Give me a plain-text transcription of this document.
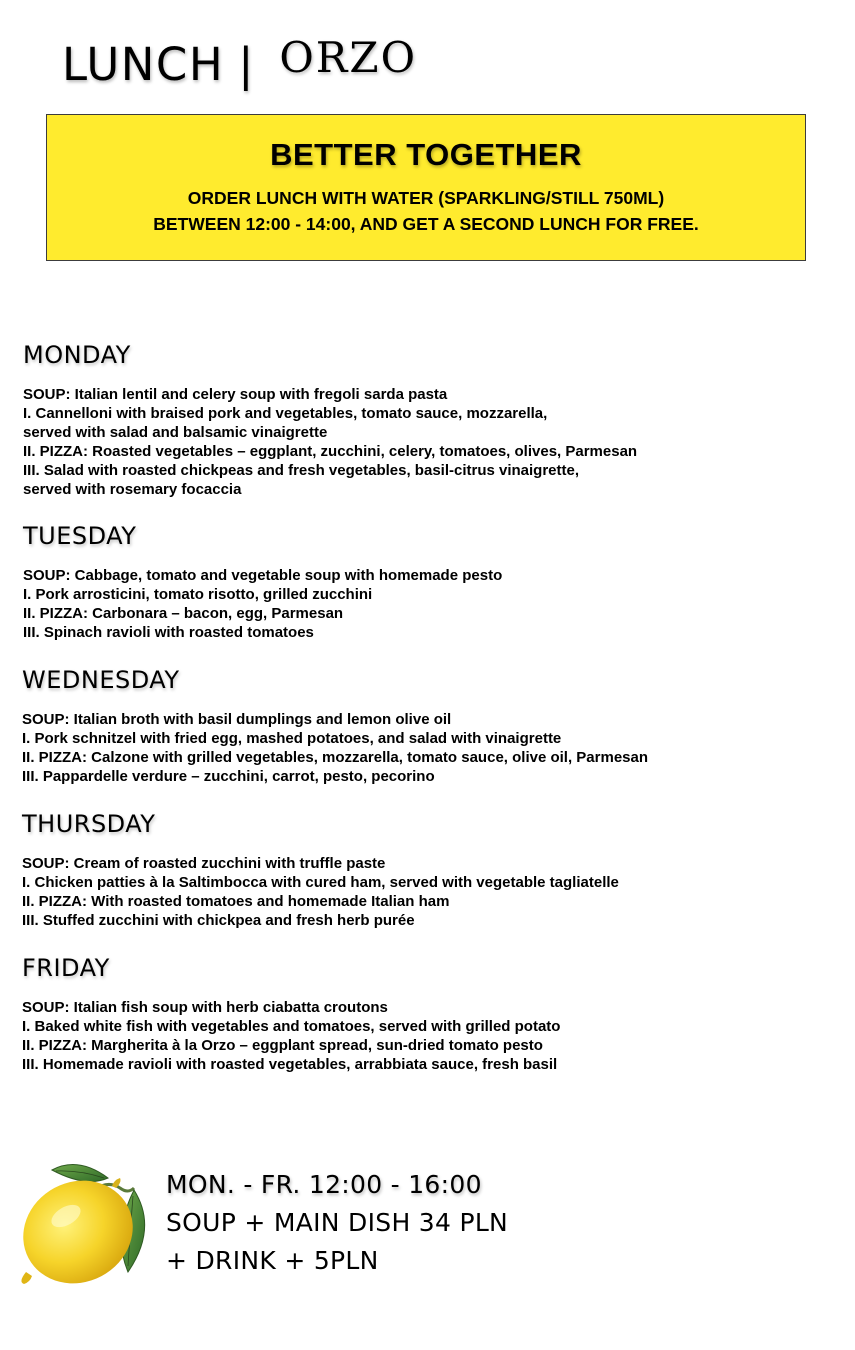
LUNCH | ORZO
BETTER TOGETHER
ORDER LUNCH WITH WATER (SPARKLING/STILL 750ML)
BETWEEN 12:00 - 14:00, AND GET A SECOND LUNCH FOR FREE.
MONDAY
SOUP: Italian lentil and celery soup with fregoli sarda pasta
I. Cannelloni with braised pork and vegetables, tomato sauce, mozzarella,
served with salad and balsamic vinaigrette
II. PIZZA: Roasted vegetables – eggplant, zucchini, celery, tomatoes, olives, Parmesan
III. Salad with roasted chickpeas and fresh vegetables, basil-citrus vinaigrette,
served with rosemary focaccia
TUESDAY
SOUP: Cabbage, tomato and vegetable soup with homemade pesto
I. Pork arrosticini, tomato risotto, grilled zucchini
II. PIZZA: Carbonara – bacon, egg, Parmesan
III. Spinach ravioli with roasted tomatoes
WEDNESDAY
SOUP: Italian broth with basil dumplings and lemon olive oil
I. Pork schnitzel with fried egg, mashed potatoes, and salad with vinaigrette
II. PIZZA: Calzone with grilled vegetables, mozzarella, tomato sauce, olive oil, Parmesan
III. Pappardelle verdure – zucchini, carrot, pesto, pecorino
THURSDAY
SOUP: Cream of roasted zucchini with truffle paste
I. Chicken patties à la Saltimbocca with cured ham, served with vegetable tagliatelle
II. PIZZA: With roasted tomatoes and homemade Italian ham
III. Stuffed zucchini with chickpea and fresh herb purée
FRIDAY
SOUP: Italian fish soup with herb ciabatta croutons
I. Baked white fish with vegetables and tomatoes, served with grilled potato
II. PIZZA: Margherita à la Orzo – eggplant spread, sun-dried tomato pesto
III. Homemade ravioli with roasted vegetables, arrabbiata sauce, fresh basil
MON. - FR. 12:00 - 16:00
SOUP + MAIN DISH 34 PLN
+ DRINK + 5PLN
